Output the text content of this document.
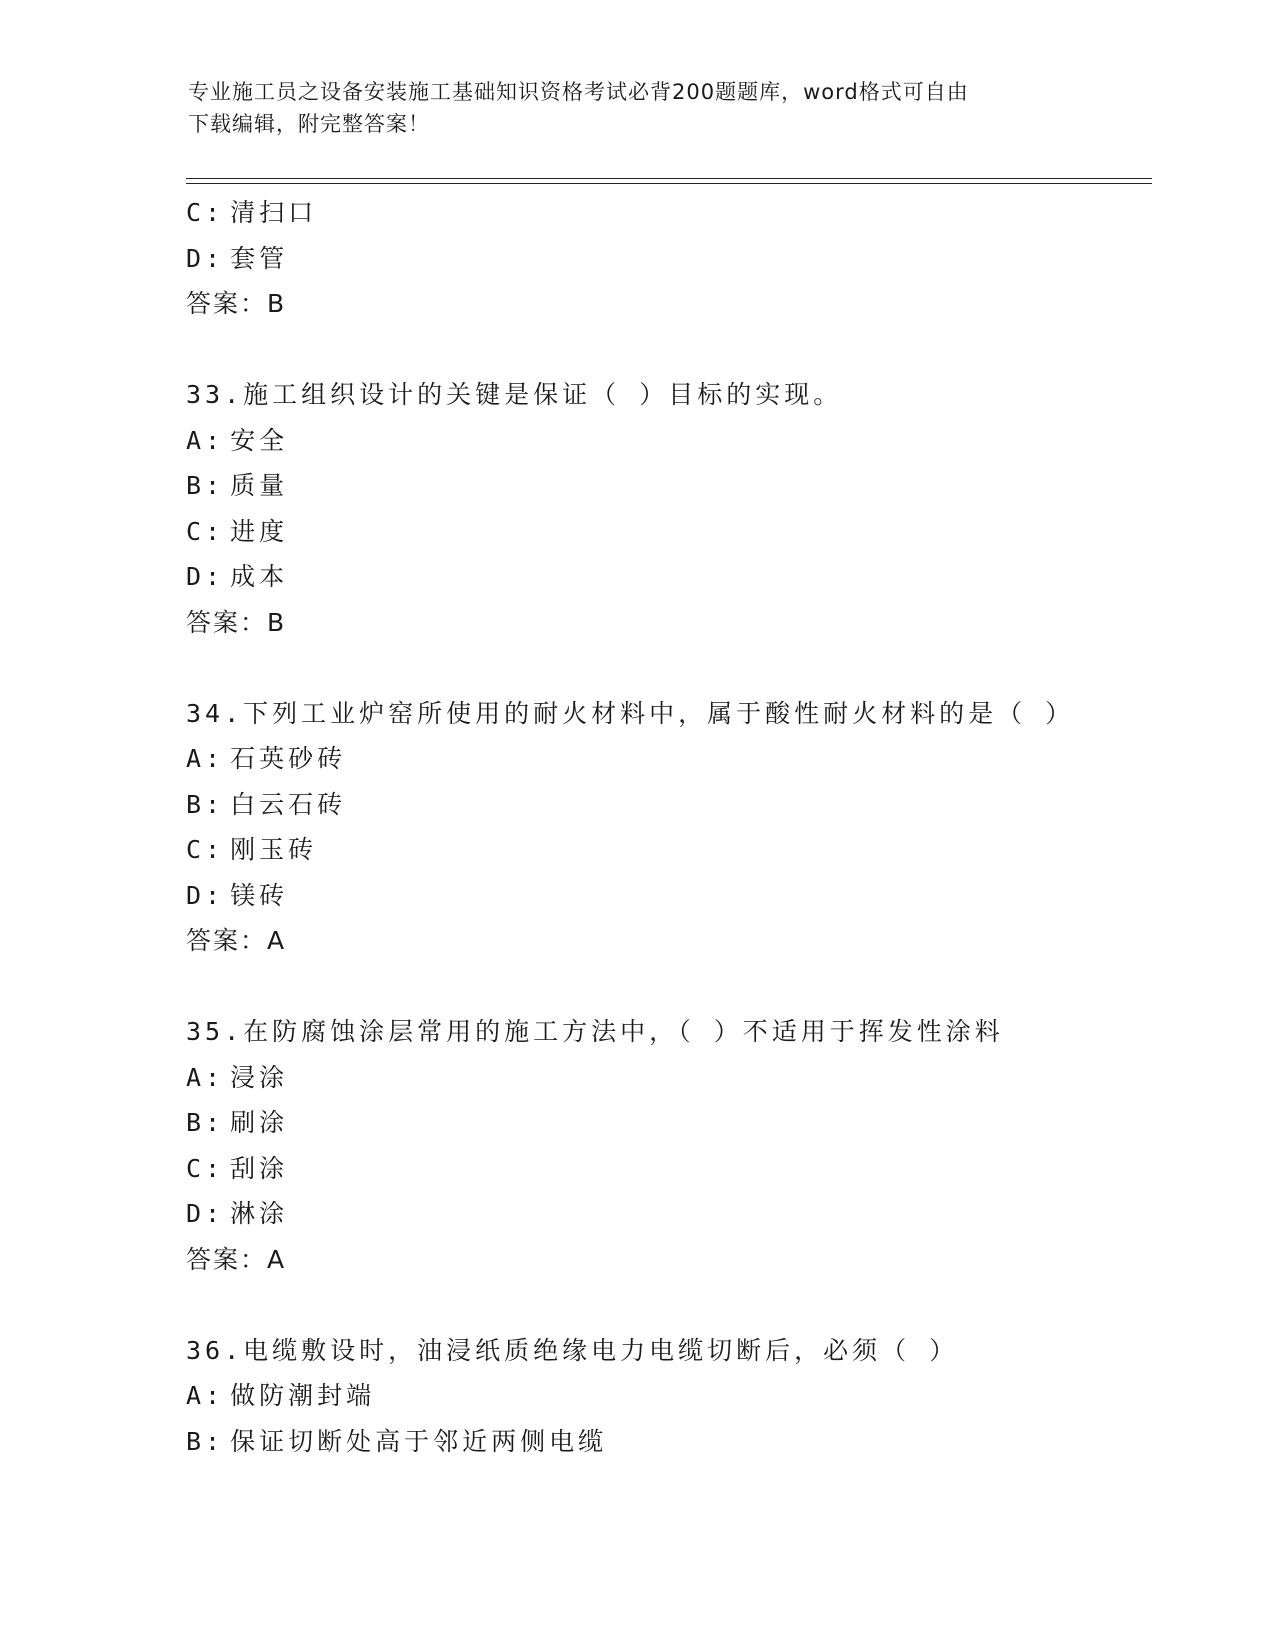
专业施工员之设备安装施工基础知识资格考试必背200题题库，word格式可自由
下载编辑，附完整答案！
C: 清扫口
D: 套管
答案：B
33.施工组织设计的关键是保证（ ）目标的实现。
A: 安全
B: 质量
C: 进度
D: 成本
答案：B
34.下列工业炉窑所使用的耐火材料中，属于酸性耐火材料的是（ ）
A: 石英砂砖
B: 白云石砖
C: 刚玉砖
D: 镁砖
答案：A
35.在防腐蚀涂层常用的施工方法中，（ ）不适用于挥发性涂料
A: 浸涂
B: 刷涂
C: 刮涂
D: 淋涂
答案：A
36.电缆敷设时，油浸纸质绝缘电力电缆切断后，必须（ ）
A: 做防潮封端
B: 保证切断处高于邻近两侧电缆
